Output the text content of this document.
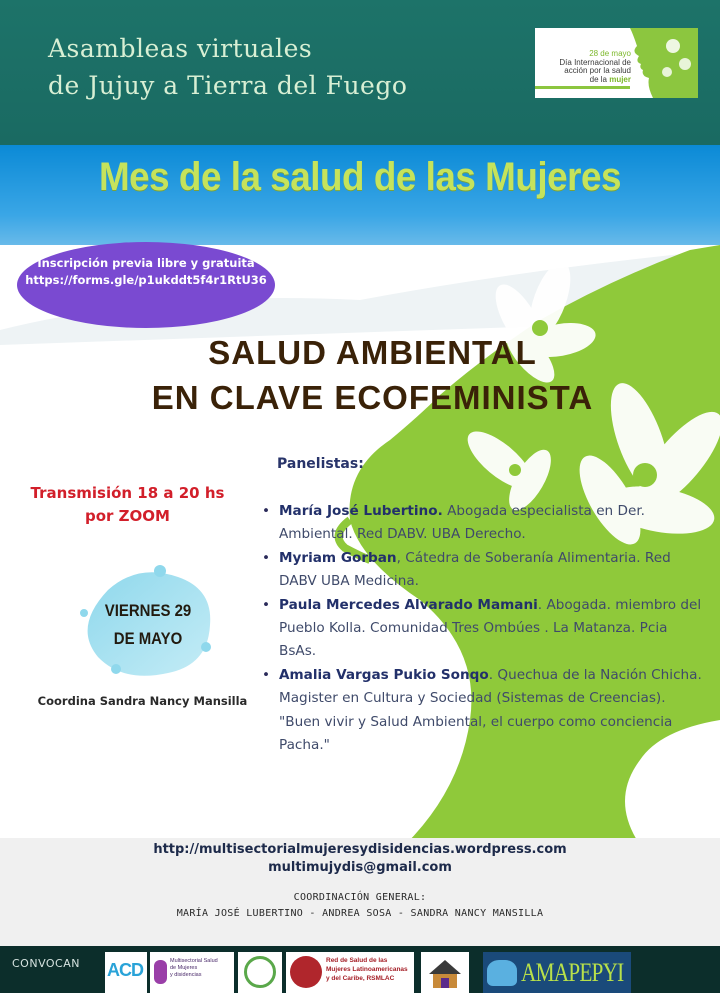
Asambleas virtuales
de Jujuy a Tierra del Fuego
28 de mayo
Día Internacional de
acción por la salud
de la mujer
Mes de la salud de las Mujeres
Inscripción previa libre y gratuita
https://forms.gle/p1ukddt5f4r1RtU36
SALUD AMBIENTAL
EN CLAVE ECOFEMINISTA
Transmisión 18 a 20 hs
por ZOOM
VIERNES 29
DE MAYO
Coordina Sandra Nancy Mansilla
Panelistas:
• María José Lubertino. Abogada especialista en Der. Ambiental. Red DABV. UBA Derecho.
• Myriam Gorban, Cátedra de Soberanía Alimentaria. Red DABV UBA Medicina.
• Paula Mercedes Alvarado Mamani. Abogada. miembro del Pueblo Kolla. Comunidad Tres Ombúes . La Matanza. Pcia BsAs.
• Amalia Vargas Pukio Sonqo. Quechua de la Nación Chicha. Magister en Cultura y Sociedad (Sistemas de Creencias). "Buen vivir y Salud Ambiental, el cuerpo como conciencia Pacha."
http://multisectorialmujeresydisidencias.wordpress.com
multimujydis@gmail.com
COORDINACIÓN GENERAL:
MARÍA JOSÉ LUBERTINO - ANDREA SOSA - SANDRA NANCY MANSILLA
CONVOCAN ACD	Multisectorial Salud
de Mujeres
y disidencias
Red de Salud de las
Mujeres Latinoamericanas
y del Caribe, RSMLAC	AMAPEPYI
